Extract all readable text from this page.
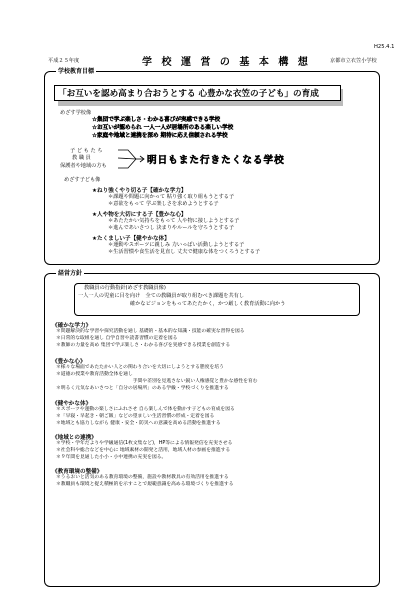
H25.4.1
平成２５年度	学 校 運 営 の 基 本 構 想	京都市立衣笠小学校
学校教育目標
「お互いを認め高まり合おうとする 心豊かな衣笠の子ども」の育成
めざす学校像
☆集団で学ぶ楽しさ・わかる喜びが実感できる学校
☆お互いが認められ 一人一人が居場所のある楽しい学校
☆家庭や地域と連携を深め 期待に応え信頼される学校
子 ど も た ち
教 職 員
保護者や地域の方も	明日もまた行きたくなる学校
めざす子ども像
★ねり強くやり切る子【確かな学力】
＊課題や問題に向かって 粘り強く取り組もうとする子
＊意欲をもって 学ぶ楽しさを求めようとする子
★人や物を大切にする子【豊かな心】
＊あたたかい気持ちをもって 人や物に接しようとする子
＊進んであいさつし 決まりやルールを守ろうとする子
★たくましい子【健やかな体】
＊運動やスポーツに親しみ 力いっぱい活動しようとする子
＊生活習慣や食生活を見直し 丈夫で健康な体をつくろうとする子
経営方針
教職員の行動指針(めざす教職員像)
一人一人の児童に目を向け　全ての教職員が取り組むべき課題を共有し
確かなビジョンをもってあたたかく，かつ厳しく教育活動に向かう
《確かな学力》
＊問題解決的な学習や探究活動を通し 基礎的・基本的な知識・技能の確実な習得を図る
＊日常的な取組を通し 自学自習や読書習慣の定着を図る
＊教師の力量を高め 集団で学ぶ楽しさ・わかる喜びを実感できる授業を創造する
《豊かな心》
＊様々な場面であたたかい人との関わり合いを大切にしようとする態度を培う
＊道徳の授業や教育活動全体を通し
　　　　　　　　　　　　　　　　手間や差別を見逃さない鋭い人権感覚と豊かな感性を育む
＊明るく元気なあいさつと「自分の居場所」のある学級・学校づくりを推進する
《健やかな体》
＊スポーツや運動の楽しさにふれさせ 自ら楽しんで体を動かす子どもの育成を図る
＊「早寝・早起き・朝ご飯」などの望ましい生活習慣の形成・定着を図る
＊地域とも協力しながら 健康・安全・防災への意識を高める活動を推進する
《地域との連携》
＊学校・学年だよりや学級通信(1枚文集など)，HP等による情報発信を充実させる
＊社会科や総合などを中心に 地域素材の開発と活用，地域人材の参画を推進する
＊９年間を見通した小小・小中連携の充実を図る。
《教育環境の整備》
＊うるおいと活気のある教育環境の整備，施設や教材教具の有効活用を推進する
＊教職員も環境と捉え積極的を示すことで規範意識を高める環境づくりを推進する
